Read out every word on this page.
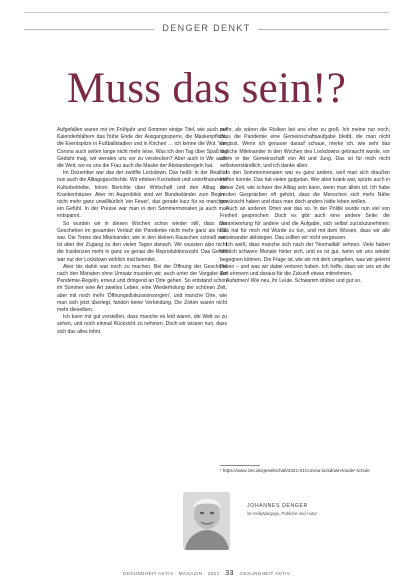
DENGER DENKT
Muss das sein!?

Aufgefallen waren mir im Frühjahr und Sommer einige Titel, wie auch auf Kalenderblättern das frühe Ende der Ausgangssperre, die Maskenpflicht, die Eventspitze in Fußballstadien und in Kirchen … ich kenne die Wut. Von Corona auch selten lange nicht mehr leise. Was ich den Tag über Spaß ins Gedicht mag, wir wenden uns vor zu verstecken? Aber auch in Wir auch die Weit, wo es uns die Frau auch die Maske der Abstandsregeln hat.

Im Dezember war das der zwölfte Lockdown. Das heißt: in der Realität nun auch die Alltagsgeschichte. Wir erleben Kurzarbeit und unterfinanzierte Kulturbetriebe, hören Berichte über Wirtschaft und den Alltag der Krankenhäuser. Aber im Augenblick sind wir Bundesländer zum Beginn nicht mehr ganz unwillkürlich 'ein Feuer', das gerade kurz für so manches ein Gefühl. In der Presse war man in den Sommermonaten ja auch mal entspannt.

So wurden wir in diesen Wochen schon wieder still, dass das Geschehen im gesamten Verlauf der Pandemie nicht mehr ganz als heiß war. Die Tonne des Miteinander, wie in den kleinen Rauschen schnell war, ist aber der Zugang zu den vielen Tagen danach. Wir wussten also nicht die Inzidenzen mehr in ganz so genau die Reproduktionszahl. Das Gefühl war nur der Lockdown wirklich mal beendet.

Aber bis dahin war noch zu machen. Bei der Öffnung der Geschäfte nach den Monaten ohne Umsatz mussten wir, auch unter der Vorgabe der Pandemie-Regeln, erneut und dringend an Orte gehen. So entstand schon im Sommer eine Art zweites Leben, eine Wiederholung der schönen Zeit, aber mit noch mehr 'Öffnungsdiskussionsorgien', und manche Orte, wie man sich jetzt überlegt, fanden keine Verbindung. Die Zeiten waren nicht mehr dieselben.

Ich kann mir gut vorstellen, dass manche es leid waren, die Welt so zu sehen, und noch einmal Rücksicht zu nehmen. Doch wir wissen nun, dass sich das alles lohnt.

mehr, als wären die Risiken bei uns eher zu groß. Ich meine nur noch, dass die Pandemie eine Gemeinschaftsaufgabe bleibt, die man nicht vergisst. Wenn ich genauer darauf schaue, merke ich, wie sehr das tägliche Miteinander in den Wochen des Lockdowns gebraucht wurde, vor allem in der Gemeinschaft von Alt und Jung. Das ist für mich nicht selbstverständlich, und ich danke allen.

In den Sommermonaten war es ganz anders, weil man sich draußen treffen konnte. Das hat vielen gutgetan. Wer aber krank war, spürte auch in dieser Zeit, wie schwer der Alltag sein kann, wenn man allein ist. Ich habe in den Gesprächen oft gehört, dass die Menschen sich mehr Nähe gewünscht haben und dass man doch anders hätte leben wollen.

Auch an anderen Orten war das so. In der Politik wurde nun viel von Freiheit gesprochen. Doch es gibt auch eine andere Seite: die Verantwortung für andere und die Aufgabe, sich selbst zurückzunehmen. Das hat für mich mit Würde zu tun, und mit dem Wissen, dass wir alle voneinander abhängen. Das sollten wir nicht vergessen.

Ich weiß, dass manche sich nach der 'Normalität' sehnen. Viele haben wirklich schwere Monate hinter sich, und es ist gut, wenn wir uns wieder begegnen können. Die Frage ist, wie wir mit dem umgehen, was wir gelernt haben – und was wir dabei verloren haben. Ich hoffe, dass wir uns an die Zeit erinnern und daraus für die Zukunft etwas mitnehmen.

Aufatmen! Wie neu, ihr Leute. Schwamm drüber und gut so.

¹ https://www.zeit.de/gesellschaft/2021-01/corona-lockdown-kinder-schule
JOHANNES DENGER
ist Heilpädagoge, Publizist und Autor
GESUNDHEIT AKTIV · MAGAZIN · 2021 33 GESUNDHEIT AKTIV
